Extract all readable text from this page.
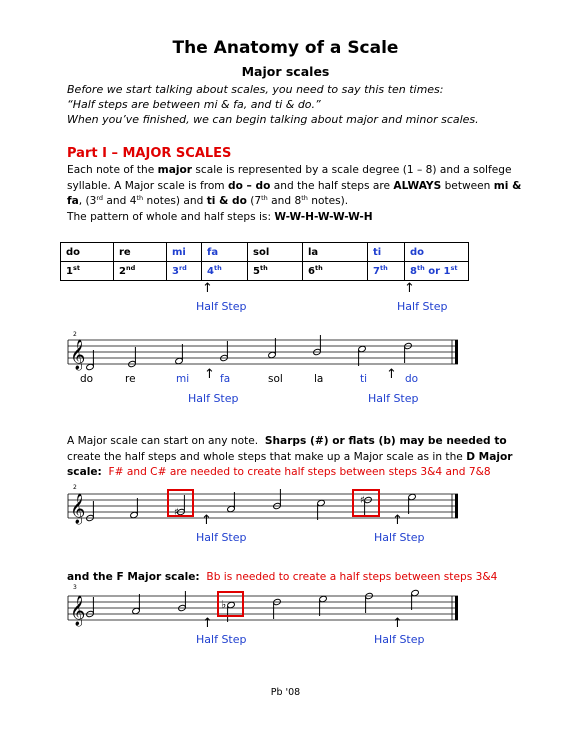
The Anatomy of a Scale
Major scales
Before we start talking about scales, you need to say this ten times:
“Half steps are between mi & fa, and ti & do.”
When you’ve finished, we can begin talking about major and minor scales.
Part I – MAJOR SCALES
Each note of the major scale is represented by a scale degree (1 – 8) and a solfege
syllable. A Major scale is from do – do and the half steps are ALWAYS between mi &
fa, (3rd and 4th notes) and ti & do (7th and 8th notes).
The pattern of whole and half steps is: W-W-H-W-W-W-H
do	re	mi	fa	sol	la	ti	do
1st	2nd	3rd	4th	5th	6th	7th	8th or 1st
↑
Half Step
↑
Half Step
2
𝄞
do	re	mi	fa	sol	la	ti	do
↑	↑
Half Step	Half Step
A Major scale can start on any note. Sharps (#) or flats (b) may be needed to
create the half steps and whole steps that make up a Major scale as in the D Major
scale: F# and C# are needed to create half steps between steps 3&4 and 7&8
2
𝄞	♯
♯
↑	↑
Half Step	Half Step
and the F Major scale: Bb is needed to create a half steps between steps 3&4
3
𝄞	♭
↑	↑
Half Step	Half Step
Pb '08
